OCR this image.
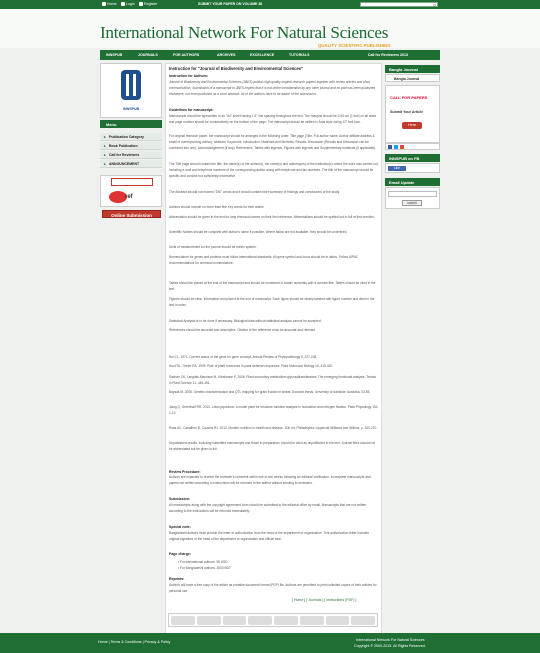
Home	Login	Register	SUBMIT YOUR PAPER ON VOLUME 38	⚲
International Network For Natural Sciences
QUALITY SCIENTIFIC PUBLISHING
INNSPUB	JOURNALS	FOR AUTHORS	ARCHIVES	EXCELLENCE	TUTORIALS	Call for Reviewers 2013
INNSPUB
Menu
▸ Publication Category
▸ Book Publication
▸ Call for Reviewers
▸ ANNOUNCEMENT
ref
Online Submission
Instruction for "Journal of Biodiversity and Environmental Sciences"
Instruction for Authors:
Journal of Biodiversity and Environmental Sciences (JBES) publish high-quality original research papers together with review articles and short communication. Submission of a manuscript to JBES implies that it is not under consideration by any other journal and no part has been published elsewhere, not even published as a short abstract. All of the authors have to be aware of the submission.
Guidelines for manuscript:
Manuscripts should be typewritten in an "A4" sheet having 1.5" line spacing throughout the text. The margins should be 2.54 cm (1 inch) in all sides and page number should be consecutively on the bottom of the page. The manuscript should be written in Arial style sizing 12" font size.
For original research paper, the manuscript should be arranged in the following order: Title page (Title, Full author name, Author affiliate address & email of corresponding author), Abstract, Keywords, Introduction, Materials and Methods, Results, Discussion (Results and Discussion can be combined into one), Acknowledgement (if any), References, Tables with legends, Figures with legends and Supplementary materials (if applicable).
The Title page should contain the title, the name(s) of the author(s), the name(s) and address(es) of the institution(s) where the work was carried out, including e-mail and telephone numbers of the corresponding author along with telephone and fax numbers. The title of the manuscript should be specific and concise but sufficiently informative.
The Abstract should not exceed "250" words and it should contain brief summary of findings and conclusions of the study.
Authors should include no more than five Key words for their article.
Abbreviation should be given in the text for long chemical names on their first reference. Abbreviations should be spelled out in full at first mention.
Scientific Names should be complete with author's name if possible. Where italics are not available, they should be underlined.
Units of measurement for the journal should be metric system.
Nomenclature for genes and proteins must follow international standards. All gene symbol and locus should be in italics. Follow IUPAC recommendations for chemical nomenclature.
Tables should be placed at the end of the manuscript and should be numbered in Arabic numerals with a concise title. Tables should be cited in the text.
Figures should be clear, informative and placed at the end of manuscript. Each figure should be clearly labeled with figure number and cited in the text in order.
Statistical Analysis is to be done if necessary. Biological data without statistical analysis cannot be accepted.
References should be accurate and descriptive. Citation of the reference must be accurate and relevant.
Hui CL. 1971. Current status of the gene for gene concept. Annual Review of Phytopathology 9, 227-238.
Hunt RL, Green RA. 1999. Role of plant hormones in plant defense responses. Plant Molecular Biology 16, 415-420.
Sachan CK, Langlais-Meurisse M, Kiindmann P. 2006. Plant secondary metabolism glycosyltransferases: The emerging functional analysis. Trends in Plant Science 11, 445-451.
Baysak M. 2008. Genetic characterization and QTL mapping for grain fructan in wheat. Doctoral thesis, University of Adelaide, Australia, 53-55.
Jiang Q, Greenhalf RR. 2010. Lotus japonicus: a model plant for structure-function analysis in nodulation and nitrogen fixation. Plant Physiology 154, 1-12.
Ross AC, Caballero B, Cousins RJ. 2012. Modern nutrition in health and disease. 11th ed. Philadelphia: Lippincott Williams and Wilkins, p. 200-210.
Unpublished results, including submitted manuscripts and those in preparation, should be cited as unpublished in the text. Journal titles should not be abbreviated but be given in full.
Review Procedure:
Authors are expected to receive the reviewer's comment within one to two weeks following an editorial verification. Incomplete manuscripts and papers not written according to instructions will be returned to the author without sending to reviewers.
Submission:
All manuscripts along with the copyright agreement form should be submitted to the editorial office by email. Manuscripts that are not written according to the instructions will be returned immediately.
Special note:
Bangladeshi authors must provide the letter of authorization from the head of the department or organization. This authorization letter includes original signature of the head of the department or organization and official seal.
Page charge:
• For international authors: 98 USD
• For Bangladeshi authors: 3000 BDT
Reprints:
Authors will have a free copy of the article as portable document format (PDF) file. Authors are permitted to print unlimited copies of their articles for personal use.
[ Home ] [ Journals ] [ Instructions (PDF) ]
Bangla Journal
Bangla Journal
CALL FOR PAPERS
Submit Your Article
Here
INNSPUB on FB
Like
Email Update
submit
Home | Terms & Conditions | Privacy & Policy	International Network For Natural Sciences
Copyright © 2009-2015. All Rights Reserved.
